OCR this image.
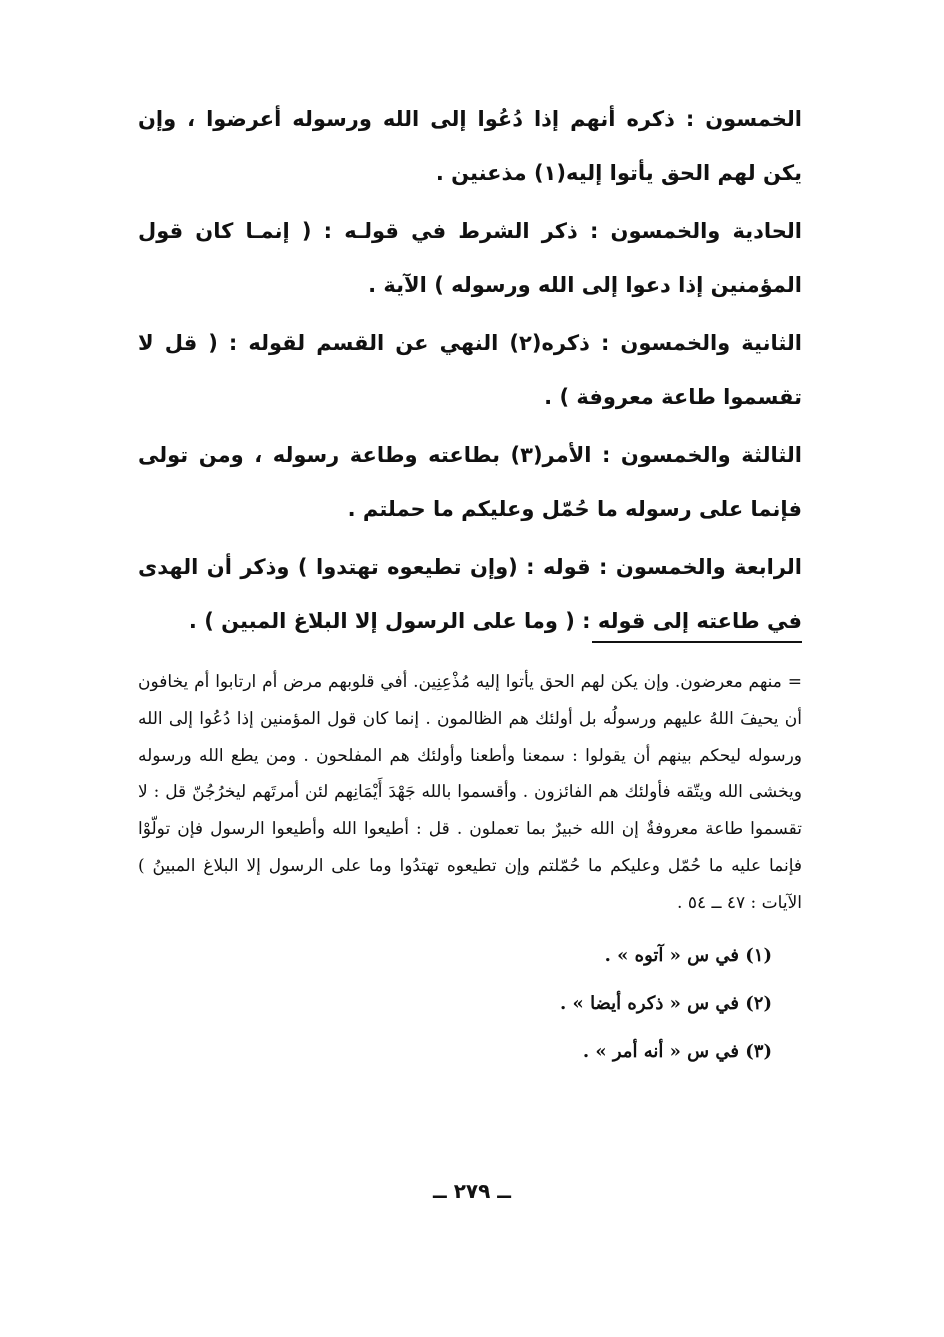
الخمسون : ذكره أنهم إذا دُعُوا إلى الله ورسوله أعرضوا ، وإن يكن لهم الحق يأتوا إليه(١) مذعنين .

الحادية والخمسون : ذكر الشرط في قولـه : ( إنمـا كان قول المؤمنين إذا دعوا إلى الله ورسوله ) الآية .

الثانية والخمسون : ذكره(٢) النهي عن القسم لقوله : ( قل لا تقسموا طاعة معروفة ) .

الثالثة والخمسون : الأمر(٣) بطاعته وطاعة رسوله ، ومن تولى فإنما على رسوله ما حُمّل وعليكم ما حملتم .

الرابعة والخمسون : قوله : (وإن تطيعوه تهتدوا ) وذكر أن الهدى في طاعته إلى قوله : ( وما على الرسول إلا البلاغ المبين ) .

= منهم معرضون. وإن يكن لهم الحق يأتوا إليه مُذْعِنِين. أفي قلوبهم مرض أم ارتابوا أم يخافون أن يحيفَ اللهُ عليهم ورسولُه بل أولئك هم الظالمون . إنما كان قول المؤمنين إذا دُعُوا إلى الله ورسوله ليحكم بينهم أن يقولوا : سمعنا وأطعنا وأولئك هم المفلحون . ومن يطع الله ورسوله ويخشى الله ويتّقه فأولئك هم الفائزون . وأقسموا بالله جَهْدَ أَيْمَانِهم لئن أمرتَهم ليخرُجُنّ قل : لا تقسموا طاعة معروفةٌ إن الله خبيرٌ بما تعملون . قل : أطيعوا الله وأطيعوا الرسول فإن تولّوْا فإنما عليه ما حُمّل وعليكم ما حُمّلتم وإن تطيعوه تهتدُوا وما على الرسول إلا البلاغ المبينُ ) الآيات : ٤٧ ــ ٥٤ .

(١) في س « آتوه » .
(٢) في س « ذكره أيضا » .
(٣) في س « أنه أمر » .
ــ ٢٧٩ ــ
